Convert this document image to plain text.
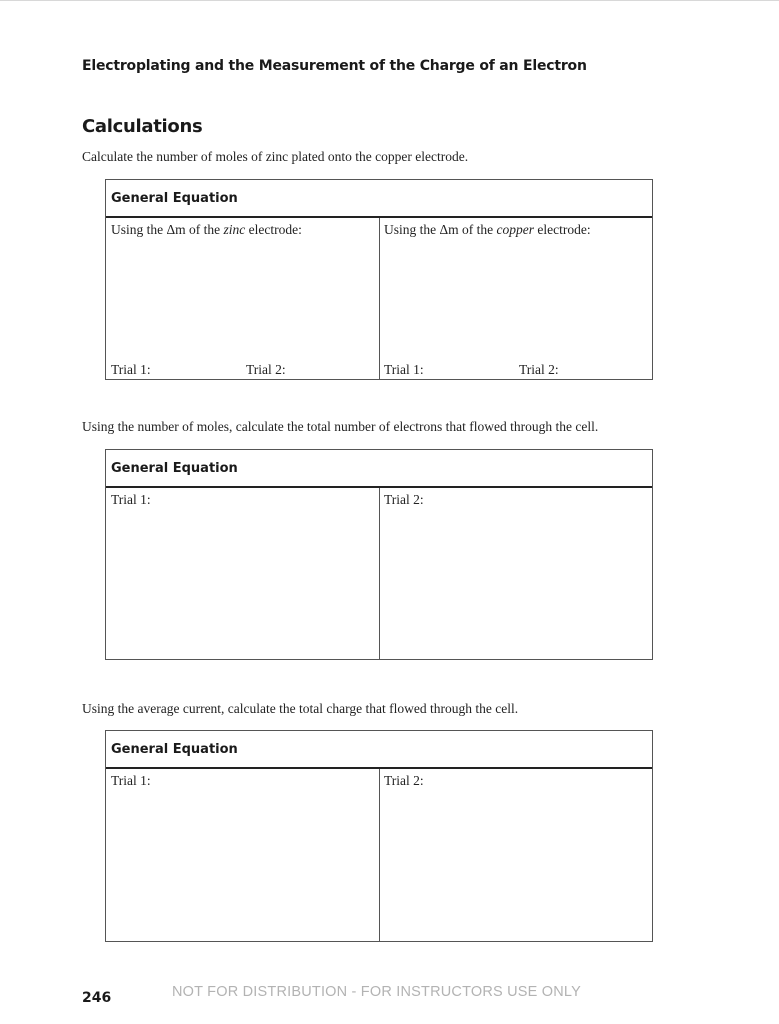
Electroplating and the Measurement of the Charge of an Electron
Calculations
Calculate the number of moles of zinc plated onto the copper electrode.
General Equation
Using the Δm of the zinc electrode:
Trial 1:	Trial 2:
Using the Δm of the copper electrode:
Trial 1:	Trial 2:
Using the number of moles, calculate the total number of electrons that flowed through the cell.
General Equation
Trial 1:	Trial 2:
Using the average current, calculate the total charge that flowed through the cell.
General Equation
Trial 1:	Trial 2:
246	NOT FOR DISTRIBUTION - FOR INSTRUCTORS USE ONLY
